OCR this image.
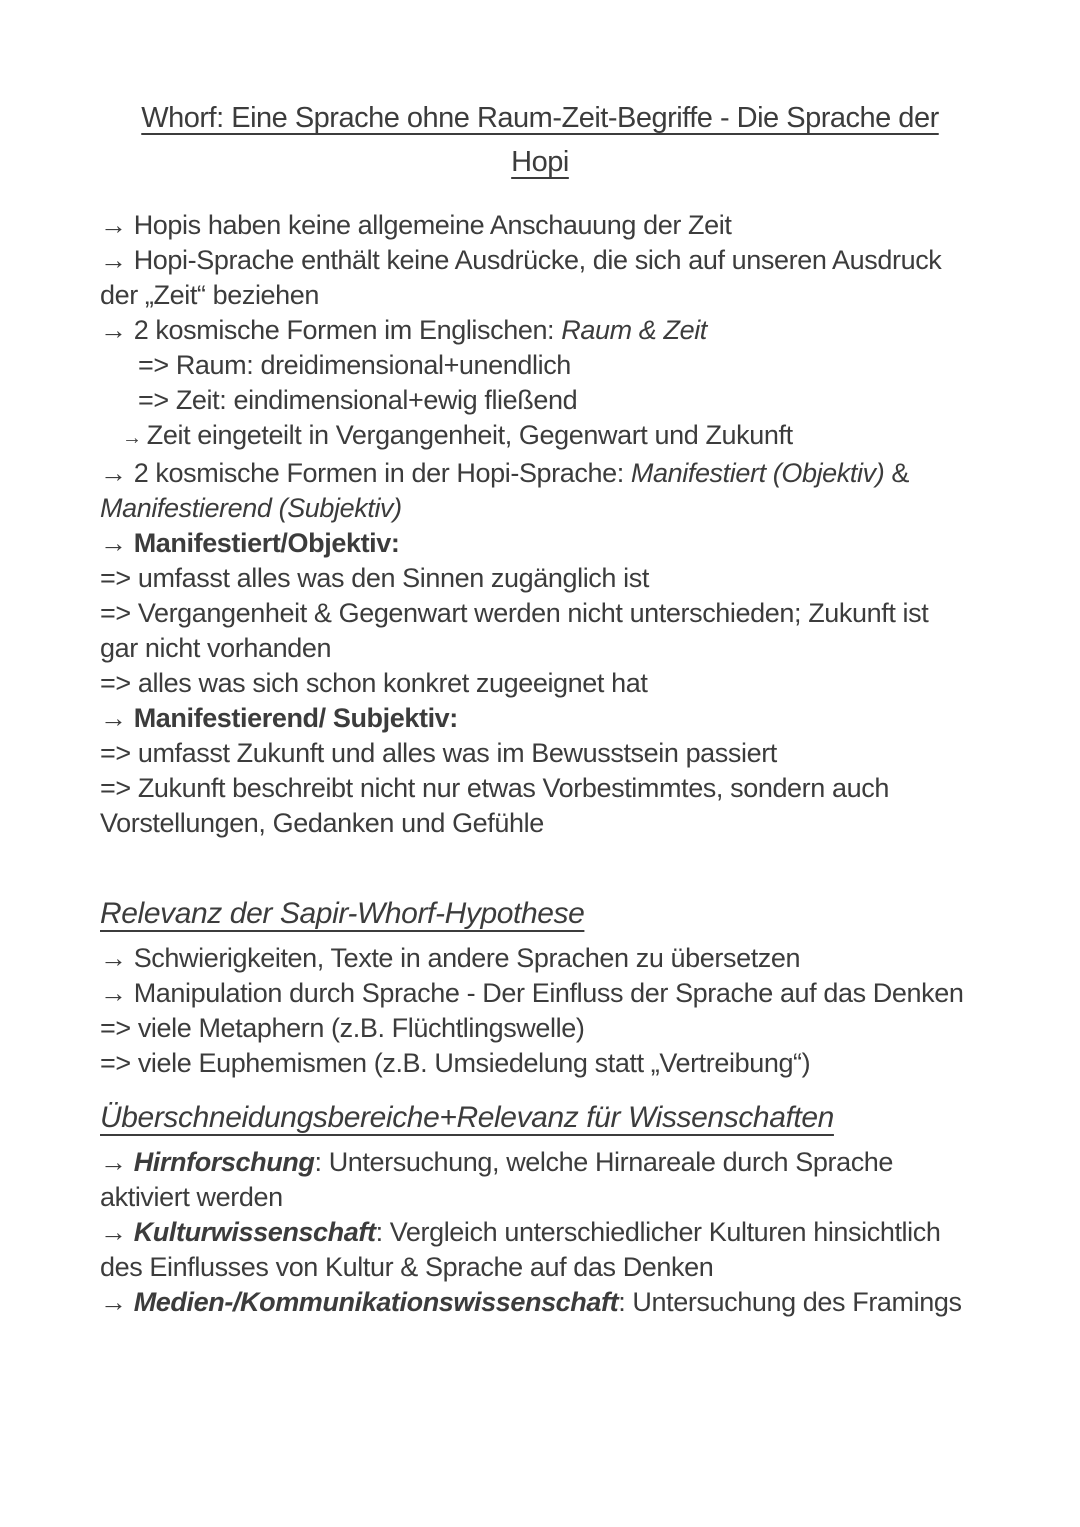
Whorf: Eine Sprache ohne Raum-Zeit-Begriffe - Die Sprache der
Hopi
→ Hopis haben keine allgemeine Anschauung der Zeit
→ Hopi-Sprache enthält keine Ausdrücke, die sich auf unseren Ausdruck
der „Zeit“ beziehen
→ 2 kosmische Formen im Englischen: Raum & Zeit
=> Raum: dreidimensional+unendlich
=> Zeit: eindimensional+ewig fließend
→ Zeit eingeteilt in Vergangenheit, Gegenwart und Zukunft
→ 2 kosmische Formen in der Hopi-Sprache: Manifestiert (Objektiv) &
Manifestierend (Subjektiv)
→ Manifestiert/Objektiv:
=> umfasst alles was den Sinnen zugänglich ist
=> Vergangenheit & Gegenwart werden nicht unterschieden; Zukunft ist
gar nicht vorhanden
=> alles was sich schon konkret zugeeignet hat
→ Manifestierend/ Subjektiv:
=> umfasst Zukunft und alles was im Bewusstsein passiert
=> Zukunft beschreibt nicht nur etwas Vorbestimmtes, sondern auch
Vorstellungen, Gedanken und Gefühle
Relevanz der Sapir-Whorf-Hypothese
→ Schwierigkeiten, Texte in andere Sprachen zu übersetzen
→ Manipulation durch Sprache - Der Einfluss der Sprache auf das Denken
=> viele Metaphern (z.B. Flüchtlingswelle)
=> viele Euphemismen (z.B. Umsiedelung statt „Vertreibung“)
Überschneidungsbereiche+Relevanz für Wissenschaften
→ Hirnforschung: Untersuchung, welche Hirnareale durch Sprache
aktiviert werden
→ Kulturwissenschaft: Vergleich unterschiedlicher Kulturen hinsichtlich
des Einflusses von Kultur & Sprache auf das Denken
→ Medien-/Kommunikationswissenschaft: Untersuchung des Framings
